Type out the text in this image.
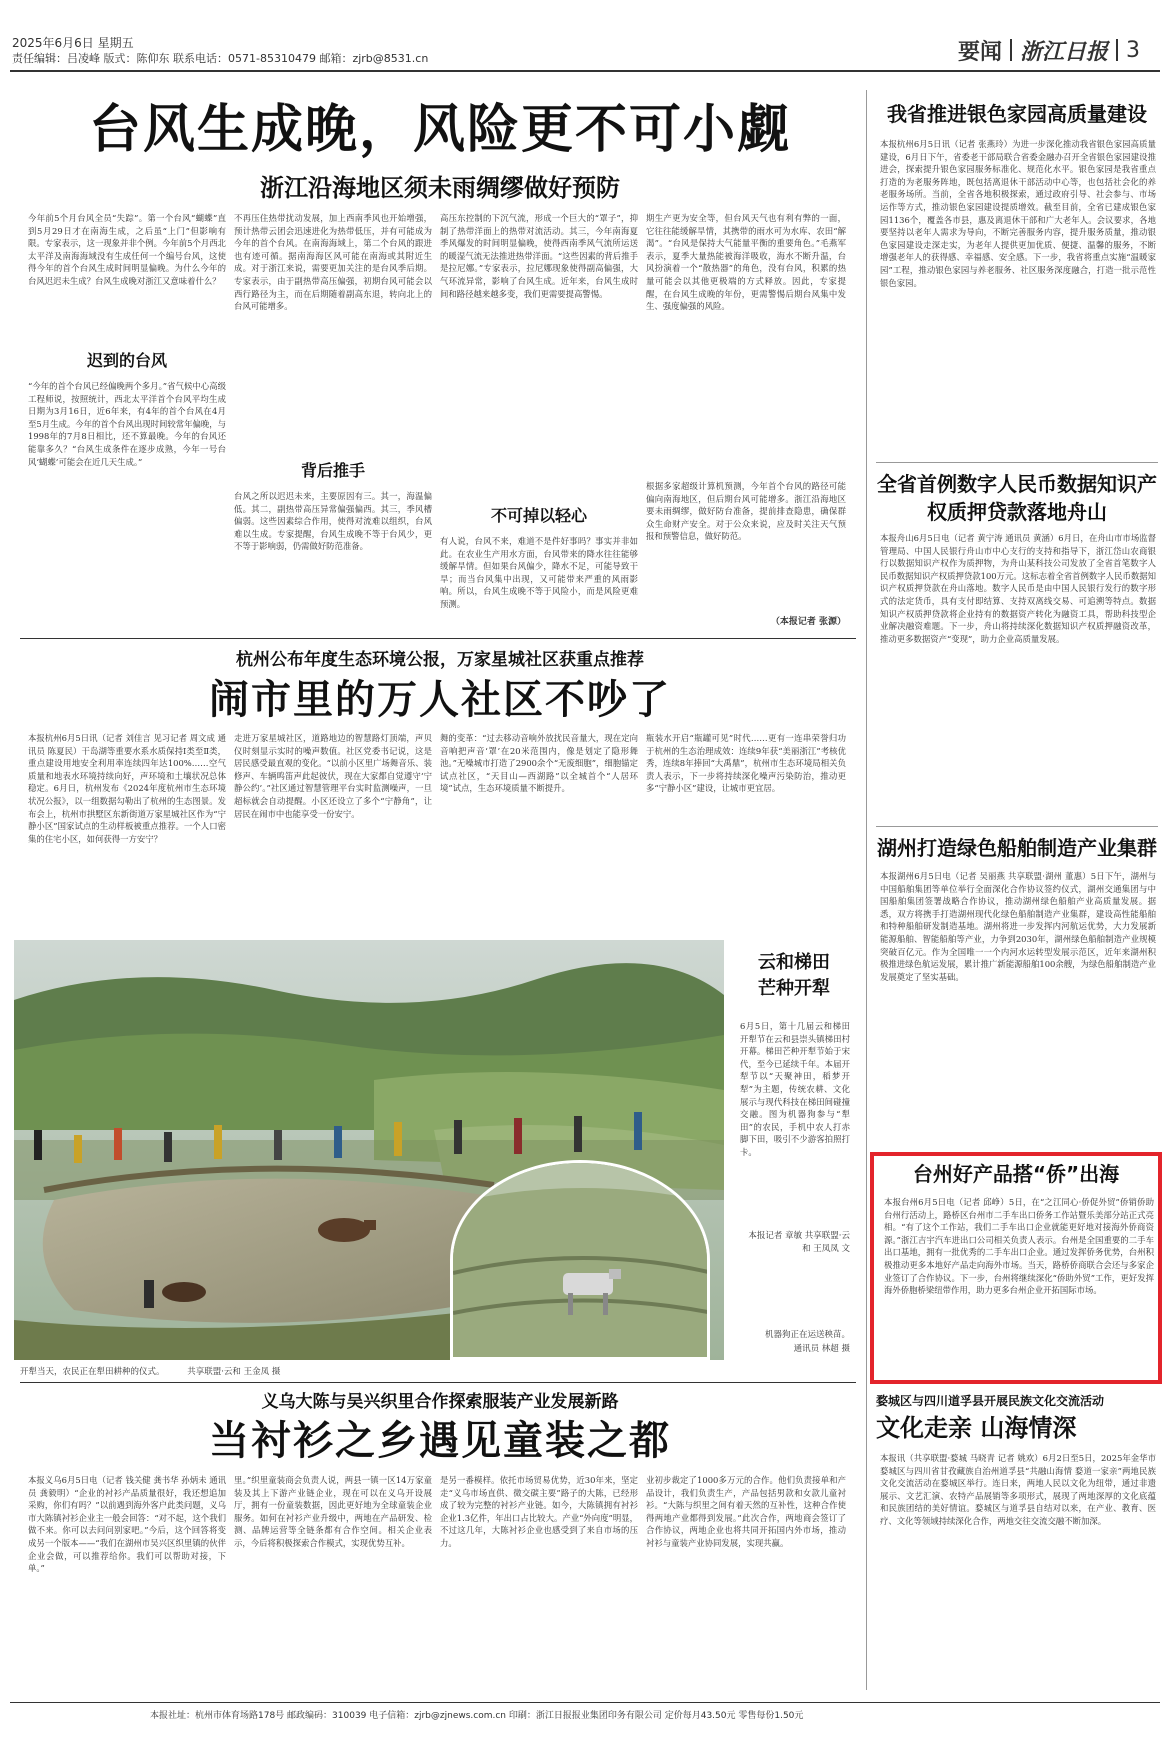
2025年6月6日 星期五
责任编辑：吕凌峰 版式：陈仰东 联系电话：0571-85310479 邮箱：zjrb@8531.cn	要闻 浙江日报 3
台风生成晚，风险更不可小觑
浙江沿海地区须未雨绸缪做好预防
今年前5个月台风全员“失踪”。第一个台风“蝴蝶”直到5月29日才在南海生成，之后虽“上门”但影响有限。专家表示，这一现象并非个例。今年前5个月西北太平洋及南海海域没有生成任何一个编号台风，这使得今年的首个台风生成时间明显偏晚。为什么今年的台风迟迟未生成？台风生成晚对浙江又意味着什么？
迟到的台风
“今年的首个台风已经偏晚两个多月。”省气候中心高级工程师说，按照统计，西北太平洋首个台风平均生成日期为3月16日，近6年来，有4年的首个台风在4月至5月生成。今年的首个台风出现时间较常年偏晚，与1998年的7月8日相比，还不算最晚。今年的台风还能靠多久？“台风生成条件在逐步成熟，今年一号台风‘蝴蝶’可能会在近几天生成。”
不再压住热带扰动发展，加上西南季风也开始增强，预计热带云团会迅速进化为热带低压，并有可能成为今年的首个台风。在南海海域上，第二个台风的跟进也有迹可循。据南海海区风可能在南海或其附近生成。对于浙江来说，需要更加关注的是台风季后期。专家表示，由于副热带高压偏强，初期台风可能会以西行路径为主，而在后期随着副高东退，转向北上的台风可能增多。
背后推手
台风之所以迟迟未来，主要原因有三。其一，海温偏低。其二，副热带高压异常偏强偏西。其三，季风槽偏弱。这些因素综合作用，使得对流难以组织，台风难以生成。专家提醒，台风生成晚不等于台风少，更不等于影响弱，仍需做好防范准备。
高压东控制的下沉气流，形成一个巨大的“罩子”，抑制了热带洋面上的热带对流活动。其三，今年南海夏季风爆发的时间明显偏晚，使得西南季风气流所运送的暖湿气流无法推进热带洋面。“这些因素的背后推手是拉尼娜。”专家表示，拉尼娜现象使得副高偏强，大气环流异常，影响了台风生成。近年来，台风生成时间和路径越来越多变，我们更需要提高警惕。
不可掉以轻心
有人说，台风不来，难道不是件好事吗？事实并非如此。在农业生产用水方面，台风带来的降水往往能够缓解旱情。但如果台风偏少，降水不足，可能导致干旱；而当台风集中出现，又可能带来严重的风雨影响。所以，台风生成晚不等于风险小，而是风险更难预测。
期生产更为安全等，但台风天气也有利有弊的一面，它往往能缓解旱情，其携带的雨水可为水库、农田“解渴”。“台风是保持大气能量平衡的重要角色。”毛燕军表示，夏季大量热能被海洋吸收，海水不断升温，台风扮演着一个“散热器”的角色，没有台风，积累的热量可能会以其他更极端的方式释放。因此，专家提醒，在台风生成晚的年份，更需警惕后期台风集中发生、强度偏强的风险。
根据多家超级计算机预测，今年首个台风的路径可能偏向南海地区，但后期台风可能增多。浙江沿海地区要未雨绸缪，做好防台准备，提前排查隐患，确保群众生命财产安全。对于公众来说，应及时关注天气预报和预警信息，做好防范。
（本报记者 张源）
杭州公布年度生态环境公报，万家星城社区获重点推荐
闹市里的万人社区不吵了
本报杭州6月5日讯（记者 刘佳言 见习记者 周文成 通讯员 陈夏民）干岛湖等重要水系水质保持Ⅰ类至Ⅱ类，重点建设用地安全利用率连续四年达100%……空气质量和地表水环境持续向好，声环境和土壤状况总体稳定。6月日，杭州发布《2024年度杭州市生态环境状况公报》，以一组数据勾勒出了杭州的生态图景。发布会上，杭州市拱墅区东新街道万家星城社区作为“宁静小区”国家试点的生动样板被重点推荐。一个人口密集的住宅小区，如何获得一方安宁？
走进万家星城社区，道路地边的智慧路灯顶端，声贝仪时刻显示实时的噪声数值。社区党委书记说，这是居民感受最直观的变化。“以前小区里广场舞音乐、装修声、车辆鸣笛声此起彼伏，现在大家都自觉遵守‘宁静公约’。”社区通过智慧管理平台实时监测噪声，一旦超标就会自动提醒。小区还设立了多个“宁静角”，让居民在闹市中也能享受一份安宁。
舞的变革：“过去移动音响外放扰民音量大，现在定向音响把声音‘罩’在20米范围内，像是划定了隐形舞池。”无噪城市打造了2900余个“无废细胞”，细胞锚定试点社区，“天目山—西湖路”以全城首个“人居环境”试点，生态环境质量不断提升。
瓶装水开启“瓶罐可见”时代……更有一连串荣誉归功于杭州的生态治理成效：连续9年获“美丽浙江”考核优秀，连续8年捧回“大禹鼎”，杭州市生态环境局相关负责人表示，下一步将持续深化噪声污染防治，推动更多“宁静小区”建设，让城市更宜居。
云和梯田
芒种开犁
6月5日，第十几届云和梯田开犁节在云和县崇头镇梯田村开幕。梯田芒种开犁节始于宋代，至今已延续千年。本届开犁节以“天聚神田，稻梦开犁”为主题，传统农耕、文化展示与现代科技在梯田间碰撞交融。图为机器狗参与“犁田”的农民，手机中农人打赤脚下田，吸引不少游客拍照打卡。
本报记者 章敏 共享联盟·云和 王凤凤 文
机器狗正在运送秧苗。
通讯员 林超 摄
开犁当天，农民正在犁田耕种的仪式。	共享联盟·云和 王金凤 摄
义乌大陈与吴兴织里合作探索服装产业发展新路
当衬衫之乡遇见童装之都
本报义乌6月5日电（记者 钱关健 龚书华 孙炳未 通讯员 龚毅明）“企业的衬衫产品质量很好，我还想追加采购，你们有吗？”以前遇到海外客户此类问题，义乌市大陈镇衬衫企业主一般会回答：“对不起，这个我们做不来。你可以去问问别家吧。”今后，这个回答将变成另一个版本——“我们在湖州市吴兴区织里镇的伙伴企业会做，可以推荐给你。我们可以帮助对接，下单。”
里。”织里童装商会负责人说，两县一镇一区14万家童装及其上下游产业链企业，现在可以在义乌开设展厅，拥有一份童装数据，因此更好地为全球童装企业服务。如何在衬衫产业升级中，两地在产品研发、检测、品牌运营等全链条都有合作空间。相关企业表示，今后将积极探索合作模式，实现优势互补。
是另一番模样。依托市场贸易优势，近30年来，坚定走“义乌市场直供、微交碳主要”路子的大陈，已经形成了较为完整的衬衫产业链。如今，大陈镇拥有衬衫企业1.3亿件，年出口占比较大。产业“外向度”明显，不过这几年，大陈衬衫企业也感受到了来自市场的压力。
业初步裁定了1000多万元的合作。他们负责接单和产品设计，我们负责生产，产品包括男款和女款儿童衬衫。“大陈与织里之间有着天然的互补性，这种合作使得两地产业都得到发展。”此次合作，两地商会签订了合作协议，两地企业也将共同开拓国内外市场，推动衬衫与童装产业协同发展，实现共赢。
我省推进银色家园高质量建设
本报杭州6月5日讯（记者 张燕玲）为进一步深化推动我省银色家园高质量建设，6月日下午，省委老干部局联合省委金融办召开全省银色家园建设推进会，探索提升银色家园服务标准化、规范化水平。银色家园是我省重点打造的为老服务阵地，既包括离退休干部活动中心等，也包括社会化的养老服务场所。当前，全省各地积极探索，通过政府引导、社会参与、市场运作等方式，推动银色家园建设提质增效。截至目前，全省已建成银色家园1136个，覆盖各市县，惠及离退休干部和广大老年人。会议要求，各地要坚持以老年人需求为导向，不断完善服务内容，提升服务质量，推动银色家园建设走深走实，为老年人提供更加优质、便捷、温馨的服务，不断增强老年人的获得感、幸福感、安全感。下一步，我省将重点实施“温暖家园”工程，推动银色家园与养老服务、社区服务深度融合，打造一批示范性银色家园。
全省首例数字人民币数据知识产权质押贷款落地舟山
本报舟山6月5日电（记者 黄宁涛 通讯员 黄涵）6月日，在舟山市市场监督管理局、中国人民银行舟山市中心支行的支持和指导下，浙江岱山农商银行以数据知识产权作为质押物，为舟山某科技公司发放了全省首笔数字人民币数据知识产权质押贷款100万元。这标志着全省首例数字人民币数据知识产权质押贷款在舟山落地。数字人民币是由中国人民银行发行的数字形式的法定货币，具有支付即结算、支持双离线交易、可追溯等特点。数据知识产权质押贷款将企业持有的数据资产转化为融资工具，帮助科技型企业解决融资难题。下一步，舟山将持续深化数据知识产权质押融资改革，推动更多数据资产“变现”，助力企业高质量发展。
湖州打造绿色船舶制造产业集群
本报湖州6月5日电（记者 吴丽燕 共享联盟·湖州 董惠）5日下午，湖州与中国船舶集团等单位举行全面深化合作协议签约仪式，湖州交通集团与中国船舶集团签署战略合作协议，推动湖州绿色船舶产业高质量发展。据悉，双方将携手打造湖州现代化绿色船舶制造产业集群，建设高性能船舶和特种船舶研发制造基地。湖州将进一步发挥内河航运优势，大力发展新能源船舶、智能船舶等产业，力争到2030年，湖州绿色船舶制造产业规模突破百亿元。作为全国唯一一个内河水运转型发展示范区，近年来湖州积极推进绿色航运发展，累计推广新能源船舶100余艘，为绿色船舶制造产业发展奠定了坚实基础。
台州好产品搭“侨”出海
本报台州6月5日电（记者 邱峥）5日，在“之江同心·侨促外贸”侨销侨助台州行活动上，路桥区台州市二手车出口侨务工作站暨乐美部分站正式亮相。“有了这个工作站，我们二手车出口企业就能更好地对接海外侨商资源。”浙江吉宇汽车进出口公司相关负责人表示。台州是全国重要的二手车出口基地，拥有一批优秀的二手车出口企业。通过发挥侨务优势，台州积极推动更多本地好产品走向海外市场。当天，路桥侨商联合会还与多家企业签订了合作协议。下一步，台州将继续深化“侨助外贸”工作，更好发挥海外侨胞桥梁纽带作用，助力更多台州企业开拓国际市场。
婺城区与四川道孚县开展民族文化交流活动
文化走亲 山海情深
本报讯（共享联盟·婺城 马晓青 记者 姚欢）6月2日至5日，2025年金华市婺城区与四川省甘孜藏族自治州道孚县“共融山海情 婺道一家亲”两地民族文化交流活动在婺城区举行。连日来，两地人民以文化为纽带，通过非遗展示、文艺汇演、农特产品展销等多项形式，展现了两地深厚的文化底蕴和民族团结的美好情谊。婺城区与道孚县自结对以来，在产业、教育、医疗、文化等领域持续深化合作，两地交往交流交融不断加深。
本报社址：杭州市体育场路178号 邮政编码：310039 电子信箱：zjrb@zjnews.com.cn 印刷：浙江日报报业集团印务有限公司 定价每月43.50元 零售每份1.50元
